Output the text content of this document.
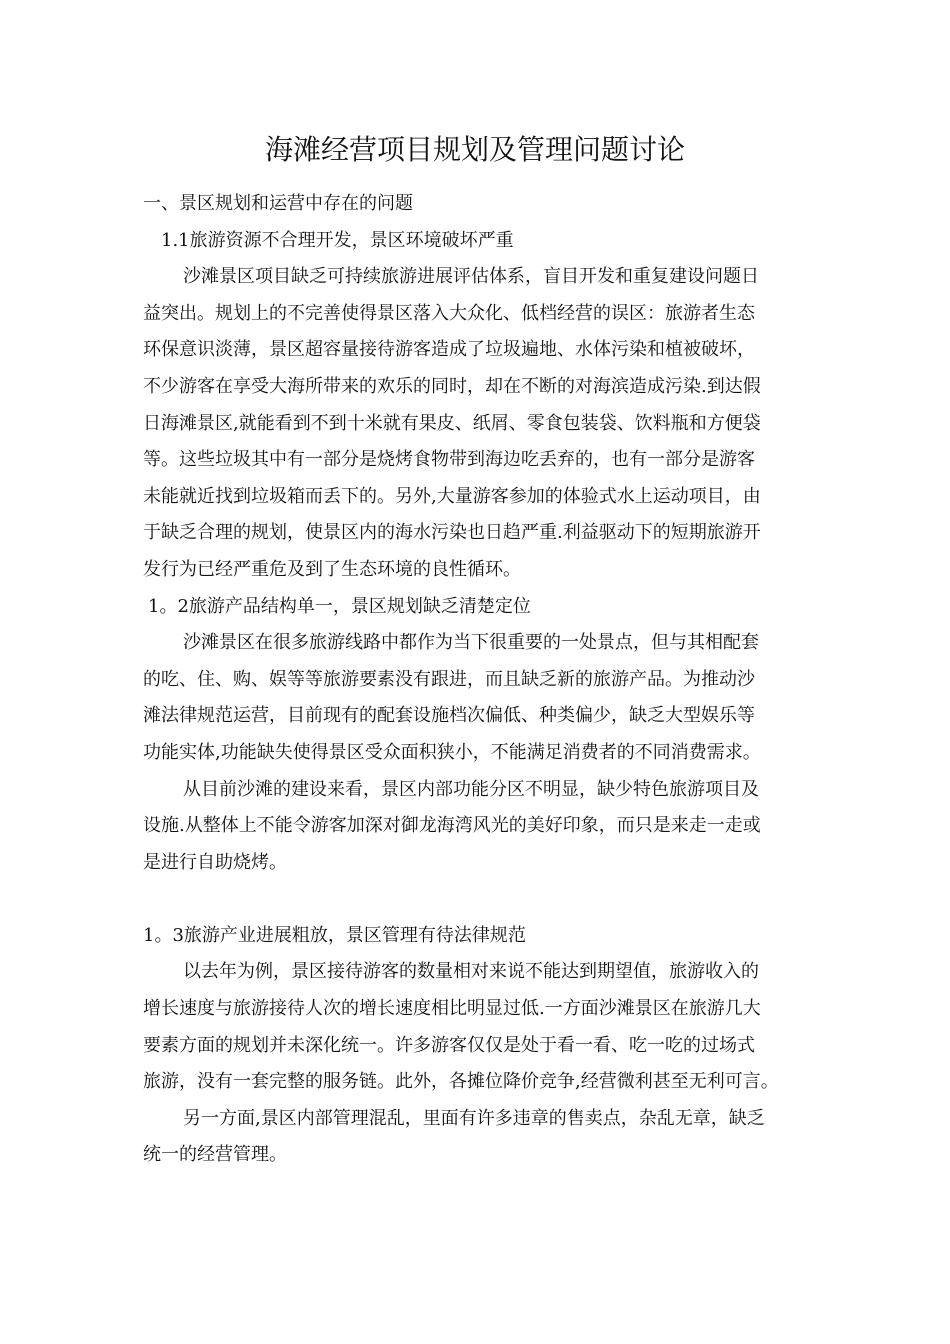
海滩经营项目规划及管理问题讨论
一、景区规划和运营中存在的问题
1.1旅游资源不合理开发，景区环境破坏严重
沙滩景区项目缺乏可持续旅游进展评估体系，盲目开发和重复建设问题日
益突出。规划上的不完善使得景区落入大众化、低档经营的误区：旅游者生态
环保意识淡薄，景区超容量接待游客造成了垃圾遍地、水体污染和植被破坏，
不少游客在享受大海所带来的欢乐的同时，却在不断的对海滨造成污染.到达假
日海滩景区,就能看到不到十米就有果皮、纸屑、零食包装袋、饮料瓶和方便袋
等。这些垃圾其中有一部分是烧烤食物带到海边吃丢弃的，也有一部分是游客
未能就近找到垃圾箱而丢下的。另外,大量游客参加的体验式水上运动项目，由
于缺乏合理的规划，使景区内的海水污染也日趋严重.利益驱动下的短期旅游开
发行为已经严重危及到了生态环境的良性循环。
1。2旅游产品结构单一，景区规划缺乏清楚定位
沙滩景区在很多旅游线路中都作为当下很重要的一处景点，但与其相配套
的吃、住、购、娱等等旅游要素没有跟进，而且缺乏新的旅游产品。为推动沙
滩法律规范运营，目前现有的配套设施档次偏低、种类偏少，缺乏大型娱乐等
功能实体,功能缺失使得景区受众面积狭小，不能满足消费者的不同消费需求。
从目前沙滩的建设来看，景区内部功能分区不明显，缺少特色旅游项目及
设施.从整体上不能令游客加深对御龙海湾风光的美好印象，而只是来走一走或
是进行自助烧烤。
1。3旅游产业进展粗放，景区管理有待法律规范
以去年为例，景区接待游客的数量相对来说不能达到期望值，旅游收入的
增长速度与旅游接待人次的增长速度相比明显过低.一方面沙滩景区在旅游几大
要素方面的规划并未深化统一。许多游客仅仅是处于看一看、吃一吃的过场式
旅游，没有一套完整的服务链。此外，各摊位降价竞争,经营微利甚至无利可言。
另一方面,景区内部管理混乱，里面有许多违章的售卖点，杂乱无章，缺乏
统一的经营管理。
